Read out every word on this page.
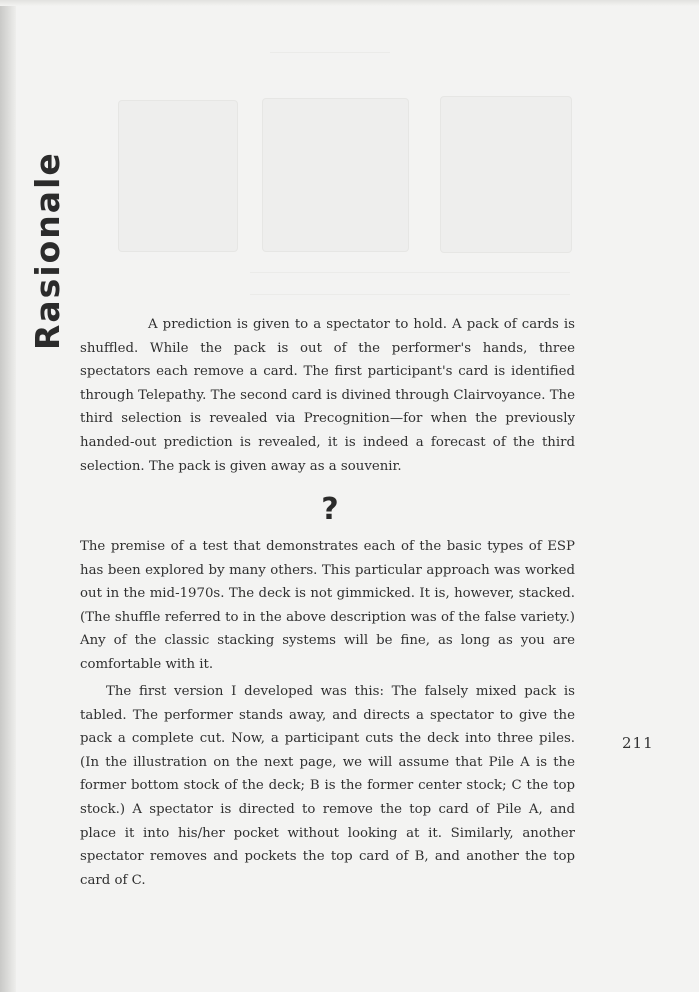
Rasionale	A prediction is given to a spectator to hold. A pack of cards is shuffled. While the pack is out of the performer's hands, three spectators each remove a card. The first participant's card is identified through Telepathy. The second card is divined through Clairvoyance. The third selection is revealed via Precognition—for when the previously handed-out prediction is revealed, it is indeed a forecast of the third selection. The pack is given away as a souvenir.

?

The premise of a test that demonstrates each of the basic types of ESP has been explored by many others. This particular approach was worked out in the mid-1970s. The deck is not gimmicked. It is, however, stacked. (The shuffle referred to in the above description was of the false variety.) Any of the classic stacking systems will be fine, as long as you are comfortable with it.

The first version I developed was this: The falsely mixed pack is tabled. The performer stands away, and directs a spectator to give the pack a complete cut. Now, a participant cuts the deck into three piles. (In the illustration on the next page, we will assume that Pile A is the former bottom stock of the deck; B is the former center stock; C the top stock.) A spectator is directed to remove the top card of Pile A, and place it into his/her pocket without looking at it. Similarly, another spectator removes and pockets the top card of B, and another the top card of C.

211
